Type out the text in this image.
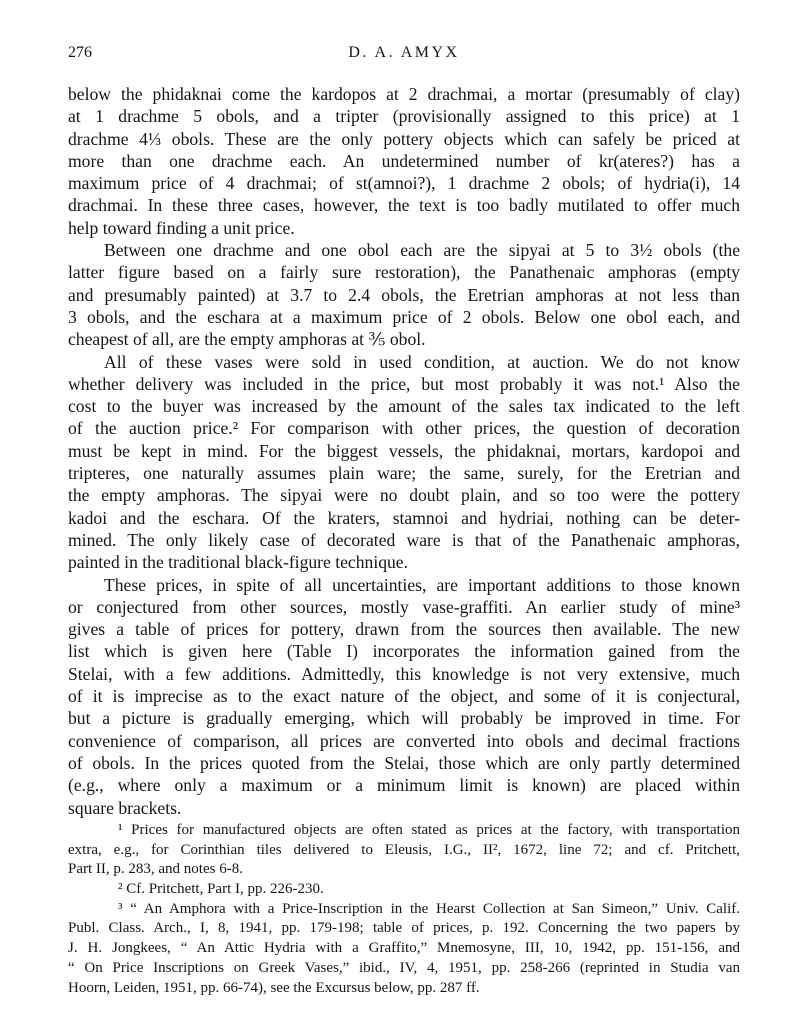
276	D. A. AMYX
below the phidaknai come the kardopos at 2 drachmai, a mortar (presumably of clay)
at 1 drachme 5 obols, and a tripter (provisionally assigned to this price) at 1
drachme 4⅓ obols. These are the only pottery objects which can safely be priced at
more than one drachme each. An undetermined number of kr(ateres?) has a
maximum price of 4 drachmai; of st(amnoi?), 1 drachme 2 obols; of hydria(i), 14
drachmai. In these three cases, however, the text is too badly mutilated to offer much
help toward finding a unit price.
Between one drachme and one obol each are the sipyai at 5 to 3½ obols (the
latter figure based on a fairly sure restoration), the Panathenaic amphoras (empty
and presumably painted) at 3.7 to 2.4 obols, the Eretrian amphoras at not less than
3 obols, and the eschara at a maximum price of 2 obols. Below one obol each, and
cheapest of all, are the empty amphoras at ⅗ obol.
All of these vases were sold in used condition, at auction. We do not know
whether delivery was included in the price, but most probably it was not.¹ Also the
cost to the buyer was increased by the amount of the sales tax indicated to the left
of the auction price.² For comparison with other prices, the question of decoration
must be kept in mind. For the biggest vessels, the phidaknai, mortars, kardopoi and
tripteres, one naturally assumes plain ware; the same, surely, for the Eretrian and
the empty amphoras. The sipyai were no doubt plain, and so too were the pottery
kadoi and the eschara. Of the kraters, stamnoi and hydriai, nothing can be deter-
mined. The only likely case of decorated ware is that of the Panathenaic amphoras,
painted in the traditional black-figure technique.
These prices, in spite of all uncertainties, are important additions to those known
or conjectured from other sources, mostly vase-graffiti. An earlier study of mine³
gives a table of prices for pottery, drawn from the sources then available. The new
list which is given here (Table I) incorporates the information gained from the
Stelai, with a few additions. Admittedly, this knowledge is not very extensive, much
of it is imprecise as to the exact nature of the object, and some of it is conjectural,
but a picture is gradually emerging, which will probably be improved in time. For
convenience of comparison, all prices are converted into obols and decimal fractions
of obols. In the prices quoted from the Stelai, those which are only partly determined
(e.g., where only a maximum or a minimum limit is known) are placed within
square brackets.
¹ Prices for manufactured objects are often stated as prices at the factory, with transportation
extra, e.g., for Corinthian tiles delivered to Eleusis, I.G., II², 1672, line 72; and cf. Pritchett,
Part II, p. 283, and notes 6-8.
² Cf. Pritchett, Part I, pp. 226-230.
³ “ An Amphora with a Price-Inscription in the Hearst Collection at San Simeon,” Univ. Calif.
Publ. Class. Arch., I, 8, 1941, pp. 179-198; table of prices, p. 192. Concerning the two papers by
J. H. Jongkees, “ An Attic Hydria with a Graffito,” Mnemosyne, III, 10, 1942, pp. 151-156, and
“ On Price Inscriptions on Greek Vases,” ibid., IV, 4, 1951, pp. 258-266 (reprinted in Studia van
Hoorn, Leiden, 1951, pp. 66-74), see the Excursus below, pp. 287 ff.
